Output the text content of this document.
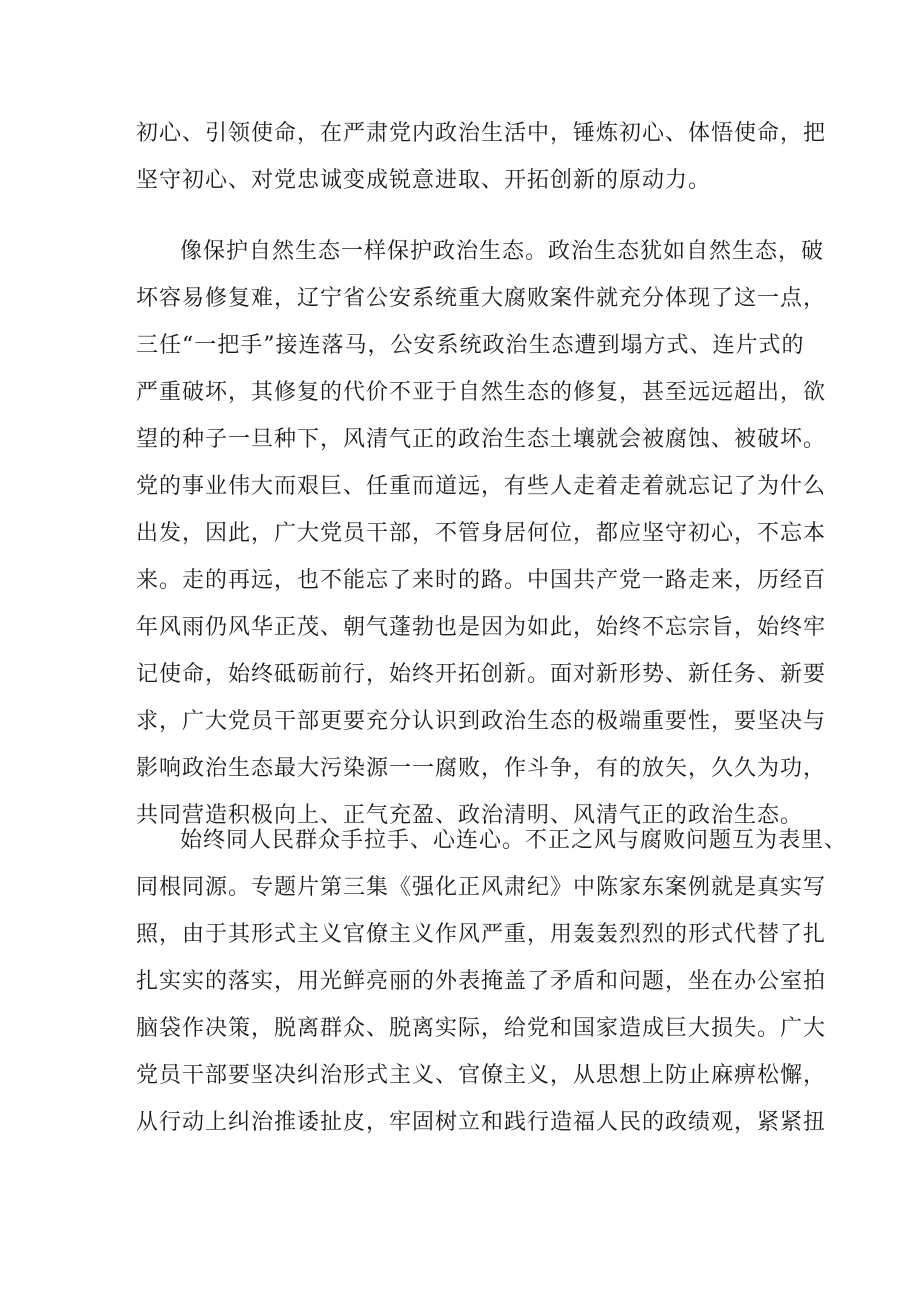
初心、引领使命，在严肃党内政治生活中，锤炼初心、体悟使命，把
坚守初心、对党忠诚变成锐意进取、开拓创新的原动力。
像保护自然生态一样保护政治生态。政治生态犹如自然生态，破
坏容易修复难，辽宁省公安系统重大腐败案件就充分体现了这一点，
三任“一把手”接连落马，公安系统政治生态遭到塌方式、连片式的
严重破坏，其修复的代价不亚于自然生态的修复，甚至远远超出，欲
望的种子一旦种下，风清气正的政治生态土壤就会被腐蚀、被破坏。
党的事业伟大而艰巨、任重而道远，有些人走着走着就忘记了为什么
出发，因此，广大党员干部，不管身居何位，都应坚守初心，不忘本
来。走的再远，也不能忘了来时的路。中国共产党一路走来，历经百
年风雨仍风华正茂、朝气蓬勃也是因为如此，始终不忘宗旨，始终牢
记使命，始终砥砺前行，始终开拓创新。面对新形势、新任务、新要
求，广大党员干部更要充分认识到政治生态的极端重要性，要坚决与
影响政治生态最大污染源一一腐败，作斗争，有的放矢，久久为功，
共同营造积极向上、正气充盈、政治清明、风清气正的政治生态。
始终同人民群众手拉手、心连心。不正之风与腐败问题互为表里、
同根同源。专题片第三集《强化正风肃纪》中陈家东案例就是真实写
照，由于其形式主义官僚主义作风严重，用轰轰烈烈的形式代替了扎
扎实实的落实，用光鲜亮丽的外表掩盖了矛盾和问题，坐在办公室拍
脑袋作决策，脱离群众、脱离实际，给党和国家造成巨大损失。广大
党员干部要坚决纠治形式主义、官僚主义，从思想上防止麻痹松懈，
从行动上纠治推诿扯皮，牢固树立和践行造福人民的政绩观，紧紧扭
